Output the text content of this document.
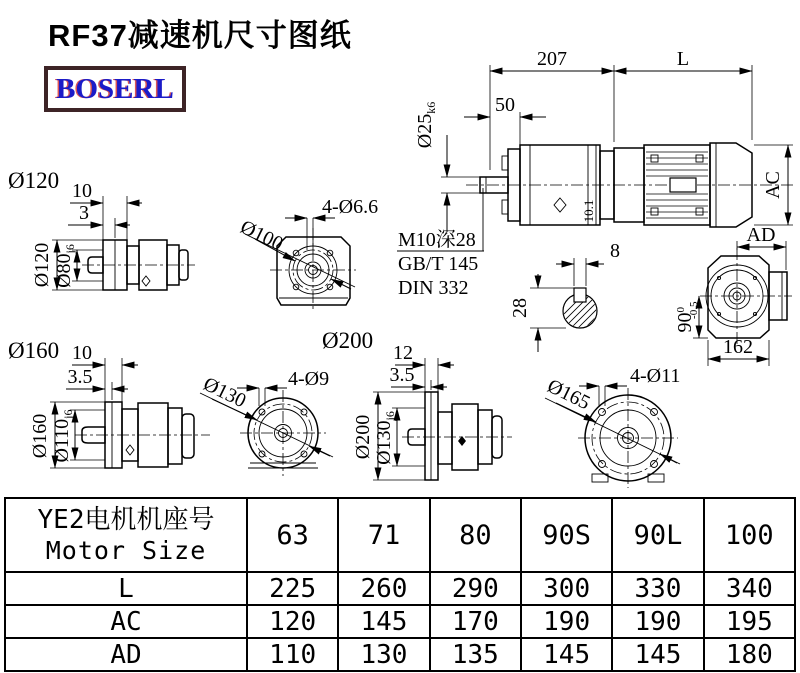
RF37减速机尺寸图纸
BOSERL
207	L
50
$Ø25_{k6}$
AC
10.1
M10深28
GB/T 145
DIN 332
8
28
AD
$90^0-0.5$
162
Ø120 10
3
Ø120 $Ø80_{j6}$
4-Ø6.6
Ø100
Ø160 10
3.5
Ø160 $Ø110_{j6}$
Ø200
4-Ø9
Ø130
12
3.5
Ø200 $Ø130_{j6}$
4-Ø11
Ø165
YE2电机机座号
Motor Size	63	71	80	90S	90L	100
L	225	260	290	300	330	340
AC	120	145	170	190	190	195
AD	110	130	135	145	145	180
